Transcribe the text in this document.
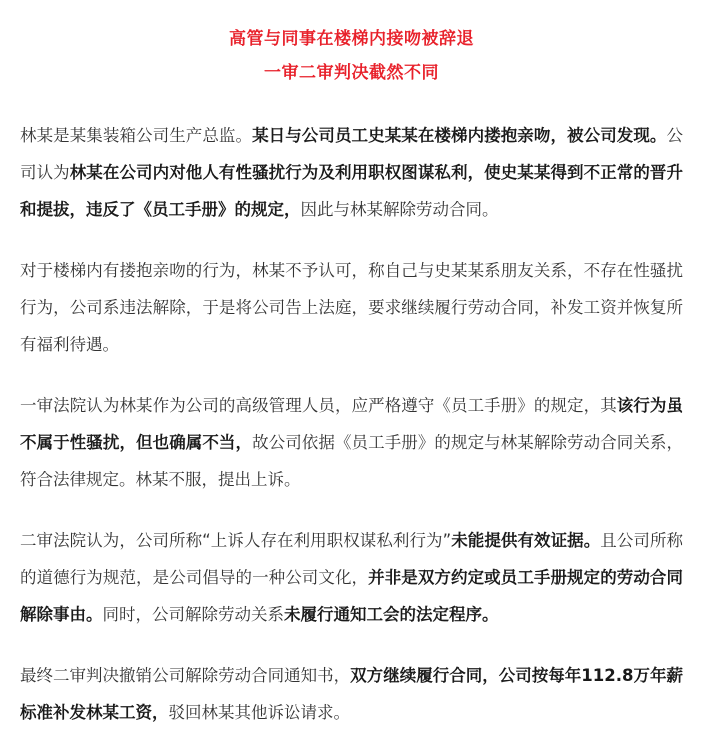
高管与同事在楼梯内接吻被辞退
一审二审判决截然不同

林某是某集装箱公司生产总监。某日与公司员工史某某在楼梯内搂抱亲吻，被公司发现。公司认为林某在公司内对他人有性骚扰行为及利用职权图谋私利，使史某某得到不正常的晋升和提拔，违反了《员工手册》的规定，因此与林某解除劳动合同。

对于楼梯内有搂抱亲吻的行为，林某不予认可，称自己与史某某系朋友关系，不存在性骚扰行为，公司系违法解除，于是将公司告上法庭，要求继续履行劳动合同，补发工资并恢复所有福利待遇。

一审法院认为林某作为公司的高级管理人员，应严格遵守《员工手册》的规定，其该行为虽不属于性骚扰，但也确属不当，故公司依据《员工手册》的规定与林某解除劳动合同关系，符合法律规定。林某不服，提出上诉。

二审法院认为，公司所称“上诉人存在利用职权谋私利行为”未能提供有效证据。且公司所称的道德行为规范，是公司倡导的一种公司文化，并非是双方约定或员工手册规定的劳动合同解除事由。同时，公司解除劳动关系未履行通知工会的法定程序。

最终二审判决撤销公司解除劳动合同通知书，双方继续履行合同，公司按每年112.8万年薪标准补发林某工资，驳回林某其他诉讼请求。
